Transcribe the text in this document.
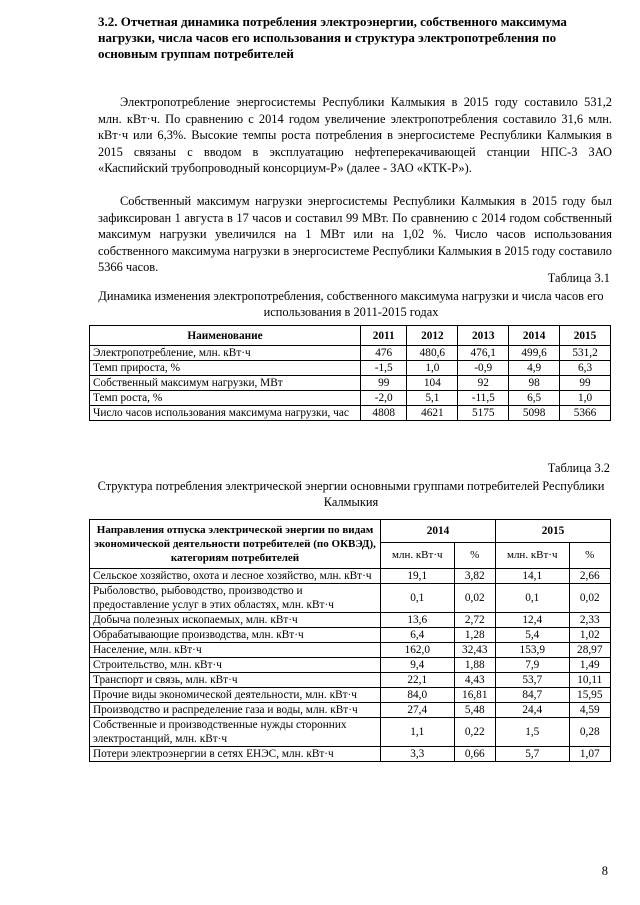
3.2. Отчетная динамика потребления электроэнергии, собственного максимума нагрузки, числа часов его использования и структура электропотребления по основным группам потребителей

Электропотребление энергосистемы Республики Калмыкия в 2015 году составило 531,2 млн. кВт·ч. По сравнению с 2014 годом увеличение электропотребления составило 31,6 млн. кВт·ч или 6,3%. Высокие темпы роста потребления в энергосистеме Республики Калмыкия в 2015 связаны с вводом в эксплуатацию нефтеперекачивающей станции НПС-3 ЗАО «Каспийский трубопроводный консорциум-Р» (далее - ЗАО «КТК-Р»).

Собственный максимум нагрузки энергосистемы Республики Калмыкия в 2015 году был зафиксирован 1 августа в 17 часов и составил 99 МВт. По сравнению с 2014 годом собственный максимум нагрузки увеличился на 1 МВт или на 1,02 %. Число часов использования собственного максимума нагрузки в энергосистеме Республики Калмыкия в 2015 году составило 5366 часов.

Таблица 3.1
Динамика изменения электропотребления, собственного максимума нагрузки и числа часов его использования в 2011-2015 годах
Наименование	2011	2012	2013	2014	2015
Электропотребление, млн. кВт·ч	476	480,6	476,1	499,6	531,2
Темп прироста, %	-1,5	1,0	-0,9	4,9	6,3
Собственный максимум нагрузки, МВт	99	104	92	98	99
Темп роста, %	-2,0	5,1	-11,5	6,5	1,0
Число часов использования максимума нагрузки, час	4808	4621	5175	5098	5366
Таблица 3.2
Структура потребления электрической энергии основными группами потребителей Республики Калмыкия
Направления отпуска электрической энергии по видам экономической деятельности потребителей (по ОКВЭД), категориям потребителей	2014		2015	
	млн. кВт·ч	%	млн. кВт·ч	%
Сельское хозяйство, охота и лесное хозяйство, млн. кВт·ч	19,1	3,82	14,1	2,66
Рыболовство, рыбоводство, производство и предоставление услуг в этих областях, млн. кВт·ч	0,1	0,02	0,1	0,02
Добыча полезных ископаемых, млн. кВт·ч	13,6	2,72	12,4	2,33
Обрабатывающие производства, млн. кВт·ч	6,4	1,28	5,4	1,02
Население, млн. кВт·ч	162,0	32,43	153,9	28,97
Строительство, млн. кВт·ч	9,4	1,88	7,9	1,49
Транспорт и связь, млн. кВт·ч	22,1	4,43	53,7	10,11
Прочие виды экономической деятельности, млн. кВт·ч	84,0	16,81	84,7	15,95
Производство и распределение газа и воды, млн. кВт·ч	27,4	5,48	24,4	4,59
Собственные и производственные нужды сторонних электростанций, млн. кВт·ч	1,1	0,22	1,5	0,28
Потери электроэнергии в сетях ЕНЭС, млн. кВт·ч	3,3	0,66	5,7	1,07
8
